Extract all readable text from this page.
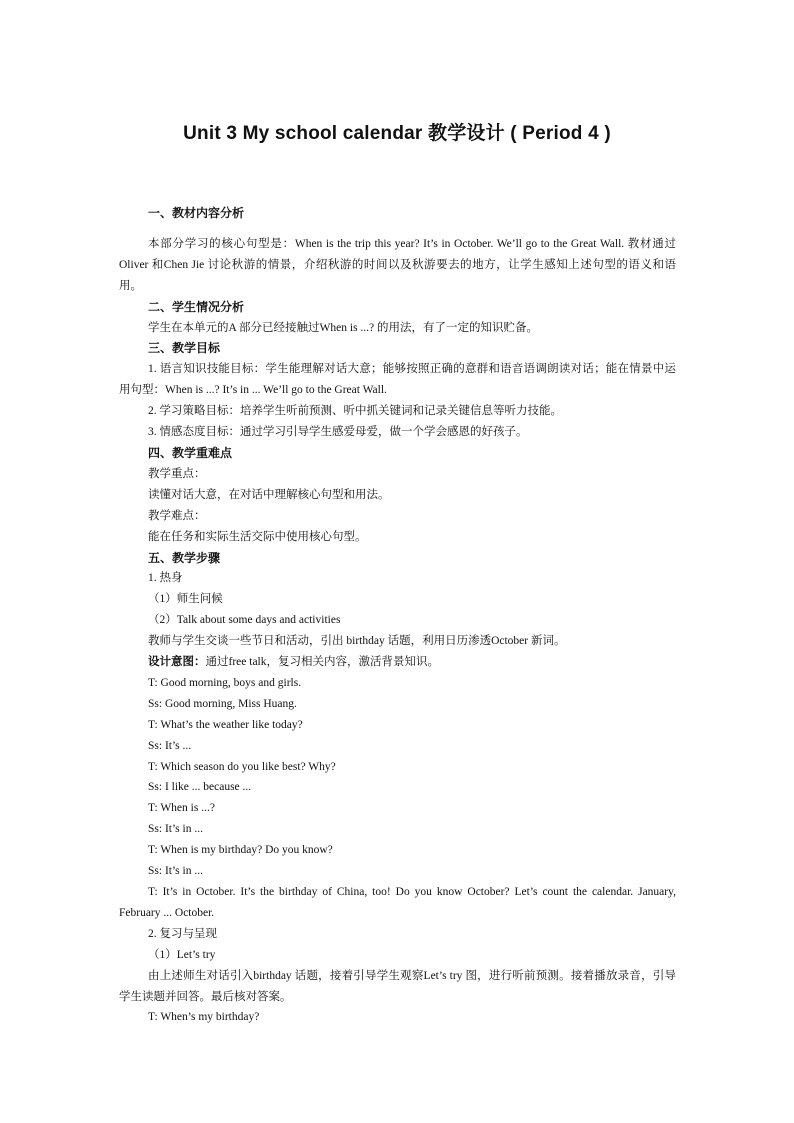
Unit 3 My school calendar 教学设计 ( Period 4 )

一、教材内容分析

本部分学习的核心句型是：When is the trip this year? It’s in October. We’ll go to the Great Wall. 教材通过Oliver 和Chen Jie 讨论秋游的情景，介绍秋游的时间以及秋游要去的地方，让学生感知上述句型的语义和语用。

二、学生情况分析

学生在本单元的A 部分已经接触过When is ...? 的用法，有了一定的知识贮备。

三、教学目标

1. 语言知识技能目标：学生能理解对话大意；能够按照正确的意群和语音语调朗读对话；能在情景中运用句型：When is ...? It’s in ... We’ll go to the Great Wall.

2. 学习策略目标：培养学生听前预测、听中抓关键词和记录关键信息等听力技能。

3. 情感态度目标：通过学习引导学生感爱母爱，做一个学会感恩的好孩子。

四、教学重难点

教学重点：

读懂对话大意，在对话中理解核心句型和用法。

教学难点：

能在任务和实际生活交际中使用核心句型。

五、教学步骤

1. 热身

（1）师生问候

（2）Talk about some days and activities

教师与学生交谈一些节日和活动，引出 birthday 话题，利用日历渗透October 新词。

设计意图：通过free talk，复习相关内容，激活背景知识。

T: Good morning, boys and girls.

Ss: Good morning, Miss Huang.

T: What’s the weather like today?

Ss: It’s ...

T: Which season do you like best? Why?

Ss: I like ... because ...

T: When is ...?

Ss: It’s in ...

T: When is my birthday? Do you know?

Ss: It’s in ...

T: It’s in October. It’s the birthday of China, too! Do you know October? Let’s count the calendar. January, February ... October.

2. 复习与呈现

（1）Let’s try

由上述师生对话引入birthday 话题，接着引导学生观察Let’s try 图，进行听前预测。接着播放录音，引导学生读题并回答。最后核对答案。

T: When’s my birthday?
